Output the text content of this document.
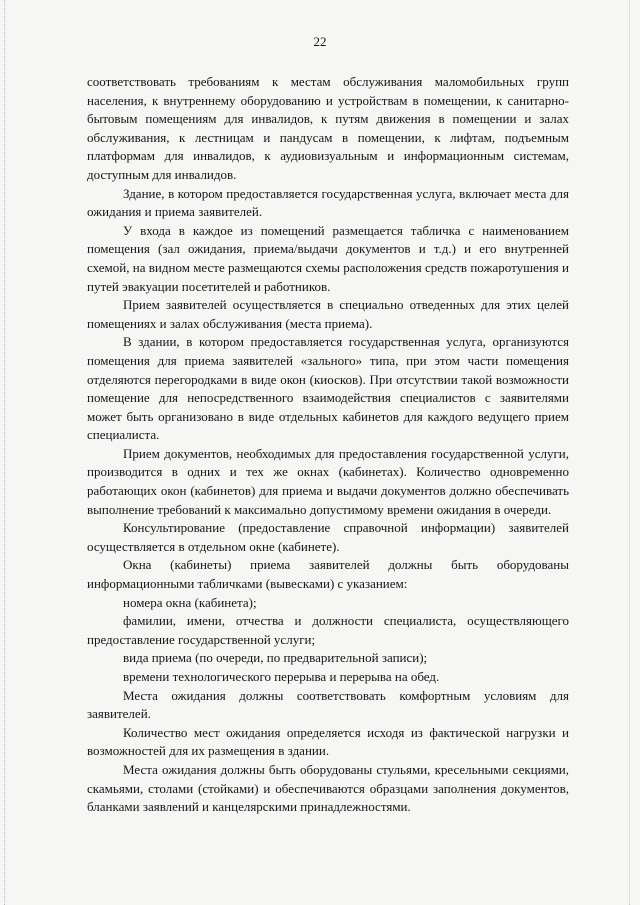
22

соответствовать требованиям к местам обслуживания маломобильных групп населения, к внутреннему оборудованию и устройствам в помещении, к санитарно-бытовым помещениям для инвалидов, к путям движения в помещении и залах обслуживания, к лестницам и пандусам в помещении, к лифтам, подъемным платформам для инвалидов, к аудиовизуальным и информационным системам, доступным для инвалидов.

Здание, в котором предоставляется государственная услуга, включает места для ожидания и приема заявителей.

У входа в каждое из помещений размещается табличка с наименованием помещения (зал ожидания, приема/выдачи документов и т.д.) и его внутренней схемой, на видном месте размещаются схемы расположения средств пожаротушения и путей эвакуации посетителей и работников.

Прием заявителей осуществляется в специально отведенных для этих целей помещениях и залах обслуживания (места приема).

В здании, в котором предоставляется государственная услуга, организуются помещения для приема заявителей «зального» типа, при этом части помещения отделяются перегородками в виде окон (киосков). При отсутствии такой возможности помещение для непосредственного взаимодействия специалистов с заявителями может быть организовано в виде отдельных кабинетов для каждого ведущего прием специалиста.

Прием документов, необходимых для предоставления государственной услуги, производится в одних и тех же окнах (кабинетах). Количество одновременно работающих окон (кабинетов) для приема и выдачи документов должно обеспечивать выполнение требований к максимально допустимому времени ожидания в очереди.

Консультирование (предоставление справочной информации) заявителей осуществляется в отдельном окне (кабинете).

Окна (кабинеты) приема заявителей должны быть оборудованы информационными табличками (вывесками) с указанием:

номера окна (кабинета);

фамилии, имени, отчества и должности специалиста, осуществляющего предоставление государственной услуги;

вида приема (по очереди, по предварительной записи);

времени технологического перерыва и перерыва на обед.

Места ожидания должны соответствовать комфортным условиям для заявителей.

Количество мест ожидания определяется исходя из фактической нагрузки и возможностей для их размещения в здании.

Места ожидания должны быть оборудованы стульями, кресельными секциями, скамьями, столами (стойками) и обеспечиваются образцами заполнения документов, бланками заявлений и канцелярскими принадлежностями.
